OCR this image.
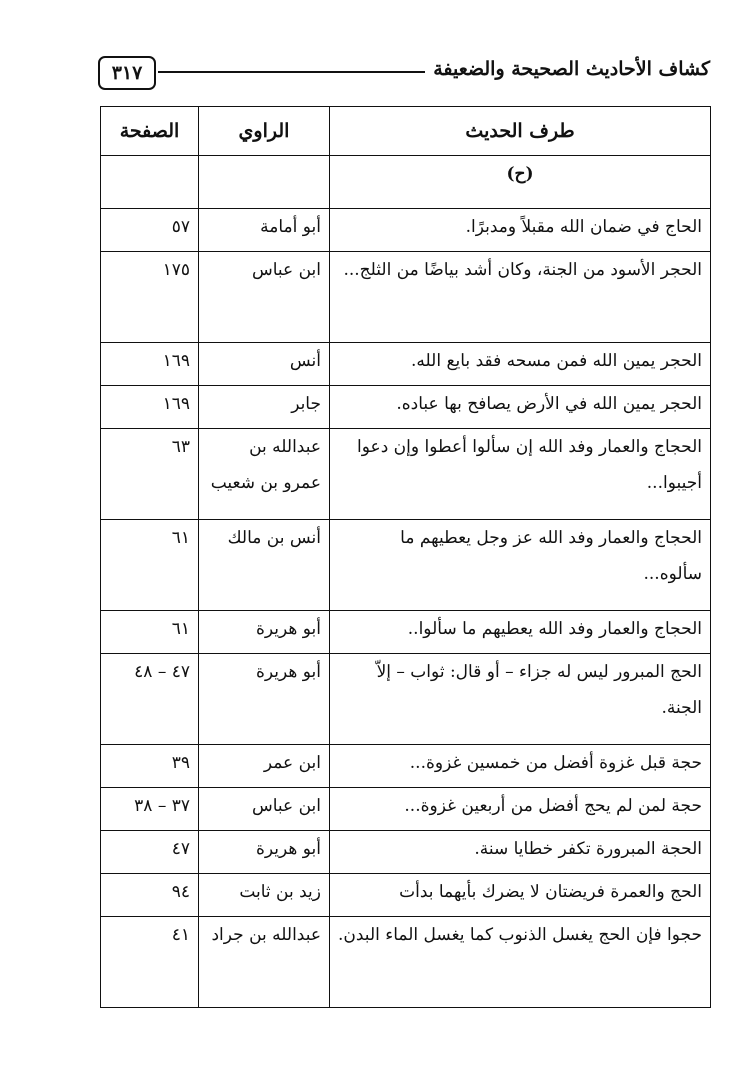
٣١٧	كشاف الأحاديث الصحيحة والضعيفة
طرف الحديث	الراوي	الصفحة
(ح)		
الحاج في ضمان الله مقبلاً ومدبرًا.	أبو أمامة	٥٧
الحجر الأسود من الجنة، وكان أشد بياضًا من الثلج...	ابن عباس	١٧٥
الحجر يمين الله فمن مسحه فقد بايع الله.	أنس	١٦٩
الحجر يمين الله في الأرض يصافح بها عباده.	جابر	١٦٩
الحجاج والعمار وفد الله إن سألوا أعطوا وإن دعوا أجيبوا...	عبدالله بن عمرو بن شعيب	٦٣
الحجاج والعمار وفد الله عز وجل يعطيهم ما سألوه...	أنس بن مالك	٦١
الحجاج والعمار وفد الله يعطيهم ما سألوا..	أبو هريرة	٦١
الحج المبرور ليس له جزاء – أو قال: ثواب – إلاّ الجنة.	أبو هريرة	٤٧ – ٤٨
حجة قبل غزوة أفضل من خمسين غزوة...	ابن عمر	٣٩
حجة لمن لم يحج أفضل من أربعين غزوة...	ابن عباس	٣٧ – ٣٨
الحجة المبرورة تكفر خطايا سنة.	أبو هريرة	٤٧
الحج والعمرة فريضتان لا يضرك بأيهما بدأت	زيد بن ثابت	٩٤
حجوا فإن الحج يغسل الذنوب كما يغسل الماء البدن.	عبدالله بن جراد	٤١
